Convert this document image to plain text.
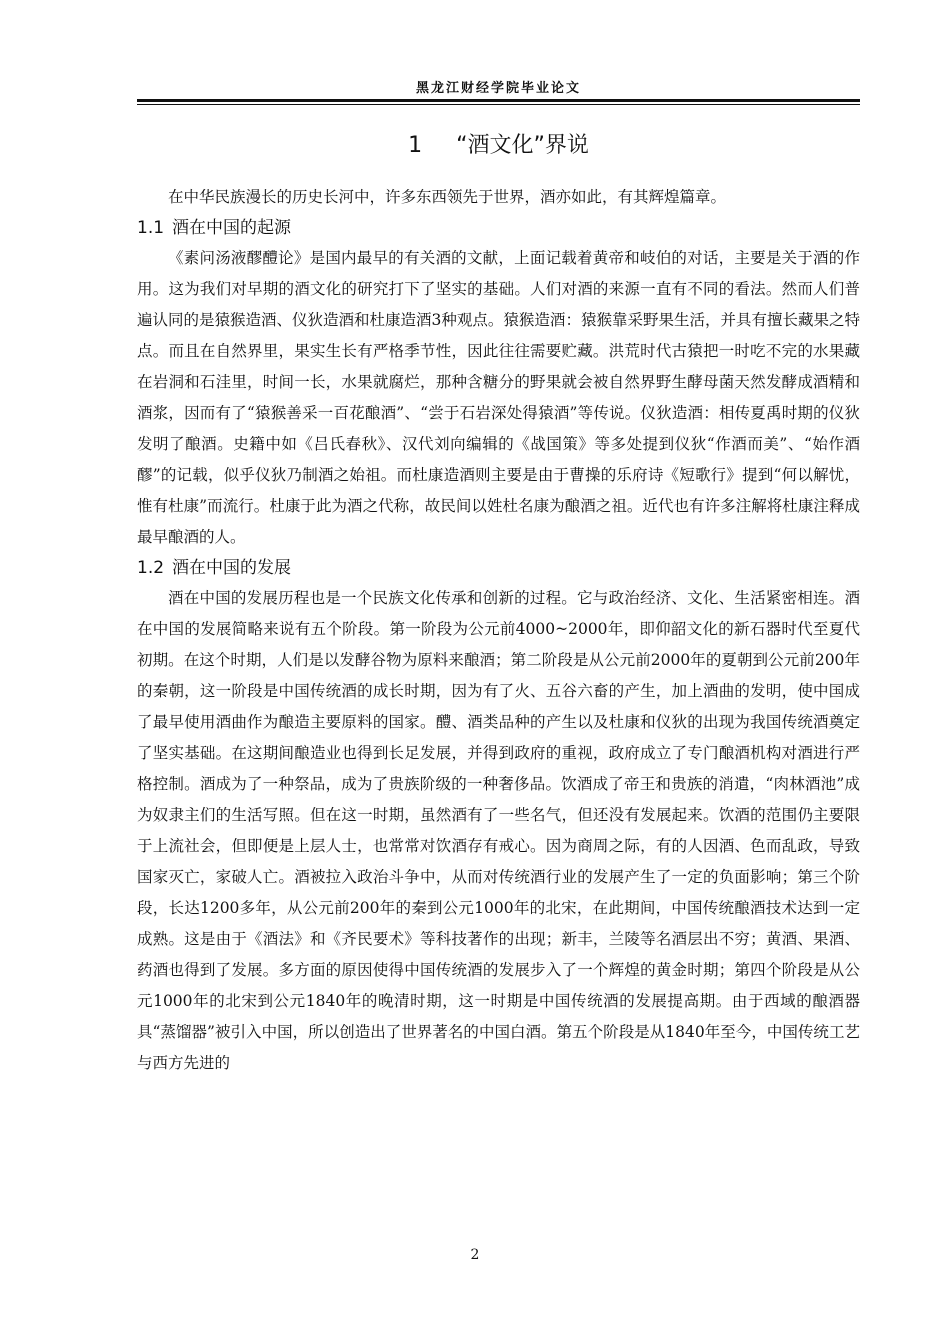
黑龙江财经学院毕业论文
1 “酒文化”界说

在中华民族漫长的历史长河中，许多东西领先于世界，酒亦如此，有其辉煌篇章。

1.1 酒在中国的起源

《素问汤液醪醴论》是国内最早的有关酒的文献，上面记载着黄帝和岐伯的对话，主要是关于酒的作用。这为我们对早期的酒文化的研究打下了坚实的基础。人们对酒的来源一直有不同的看法。然而人们普遍认同的是猿猴造酒、仪狄造酒和杜康造酒3种观点。猿猴造酒：猿猴靠采野果生活，并具有擅长藏果之特点。而且在自然界里，果实生长有严格季节性，因此往往需要贮藏。洪荒时代古猿把一时吃不完的水果藏在岩洞和石洼里，时间一长，水果就腐烂，那种含糖分的野果就会被自然界野生酵母菌天然发酵成酒精和酒浆，因而有了“猿猴善采一百花酿酒”、“尝于石岩深处得猿酒”等传说。仪狄造酒：相传夏禹时期的仪狄发明了酿酒。史籍中如《吕氏春秋》、汉代刘向编辑的《战国策》等多处提到仪狄“作酒而美”、“始作酒醪”的记载，似乎仪狄乃制酒之始祖。而杜康造酒则主要是由于曹操的乐府诗《短歌行》提到“何以解忧，惟有杜康”而流行。杜康于此为酒之代称，故民间以姓杜名康为酿酒之祖。近代也有许多注解将杜康注释成最早酿酒的人。

1.2 酒在中国的发展

酒在中国的发展历程也是一个民族文化传承和创新的过程。它与政治经济、文化、生活紧密相连。酒在中国的发展简略来说有五个阶段。第一阶段为公元前4000~2000年，即仰韶文化的新石器时代至夏代初期。在这个时期，人们是以发酵谷物为原料来酿酒；第二阶段是从公元前2000年的夏朝到公元前200年的秦朝，这一阶段是中国传统酒的成长时期，因为有了火、五谷六畜的产生，加上酒曲的发明，使中国成了最早使用酒曲作为酿造主要原料的国家。醴、酒类品种的产生以及杜康和仪狄的出现为我国传统酒奠定了坚实基础。在这期间酿造业也得到长足发展，并得到政府的重视，政府成立了专门酿酒机构对酒进行严格控制。酒成为了一种祭品，成为了贵族阶级的一种奢侈品。饮酒成了帝王和贵族的消遣，“肉林酒池”成为奴隶主们的生活写照。但在这一时期，虽然酒有了一些名气，但还没有发展起来。饮酒的范围仍主要限于上流社会，但即便是上层人士，也常常对饮酒存有戒心。因为商周之际，有的人因酒、色而乱政，导致国家灭亡，家破人亡。酒被拉入政治斗争中，从而对传统酒行业的发展产生了一定的负面影响；第三个阶段，长达1200多年，从公元前200年的秦到公元1000年的北宋，在此期间，中国传统酿酒技术达到一定成熟。这是由于《酒法》和《齐民要术》等科技著作的出现；新丰，兰陵等名酒层出不穷；黄酒、果酒、药酒也得到了发展。多方面的原因使得中国传统酒的发展步入了一个辉煌的黄金时期；第四个阶段是从公元1000年的北宋到公元1840年的晚清时期，这一时期是中国传统酒的发展提高期。由于西域的酿酒器具“蒸馏器”被引入中国，所以创造出了世界著名的中国白酒。第五个阶段是从1840年至今，中国传统工艺与西方先进的

2
